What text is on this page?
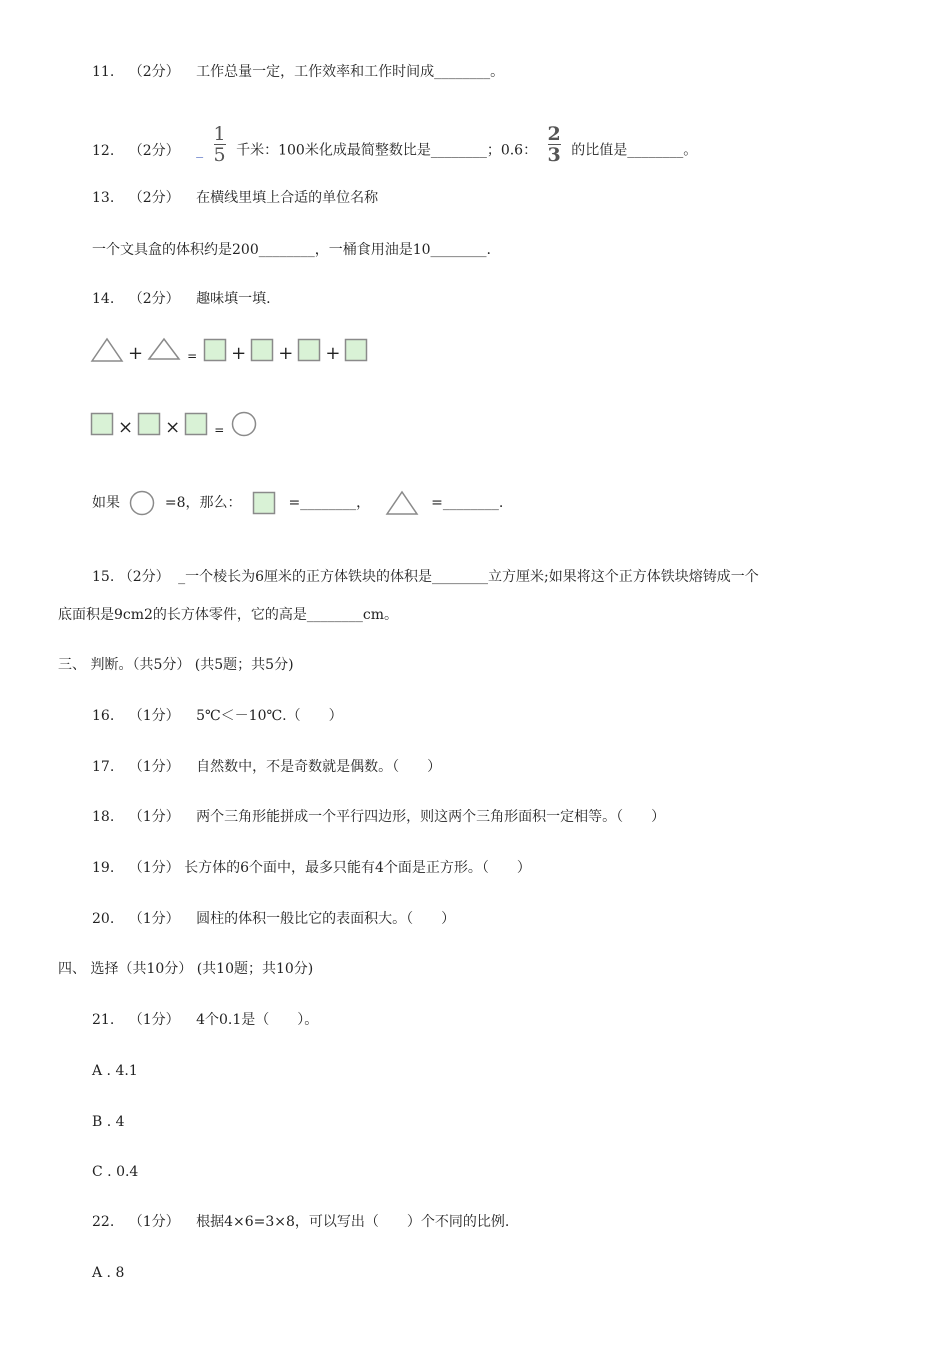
11. （2分） 工作总量一定，工作效率和工作时间成________。
12. （2分） _ $\frac{1}{5}$ 千米：100米化成最简整数比是________；0.6： $\frac{2}{3}$ 的比值是________。
13. （2分） 在横线里填上合适的单位名称
一个文具盒的体积约是200________，一桶食用油是10________.
14. （2分） 趣味填一填.
+	= + + +
× ×	=
如果	=8，那么：	=________，	=________.
15. （2分） _一个棱长为6厘米的正方体铁块的体积是________立方厘米;如果将这个正方体铁块熔铸成一个
底面积是9cm2的长方体零件，它的高是________cm。
三、 判断。（共5分） (共5题；共5分)
16. （1分） 5℃＜－10℃.（　　）
17. （1分） 自然数中，不是奇数就是偶数。（　　）
18. （1分） 两个三角形能拼成一个平行四边形，则这两个三角形面积一定相等。（　　）
19. （1分） 长方体的6个面中，最多只能有4个面是正方形。（　　）
20. （1分） 圆柱的体积一般比它的表面积大。（　　）
四、 选择（共10分） (共10题；共10分)
21. （1分） 4个0.1是（　　）。
A . 4.1
B . 4
C . 0.4
22. （1分） 根据4×6=3×8，可以写出（　　）个不同的比例.
A . 8
